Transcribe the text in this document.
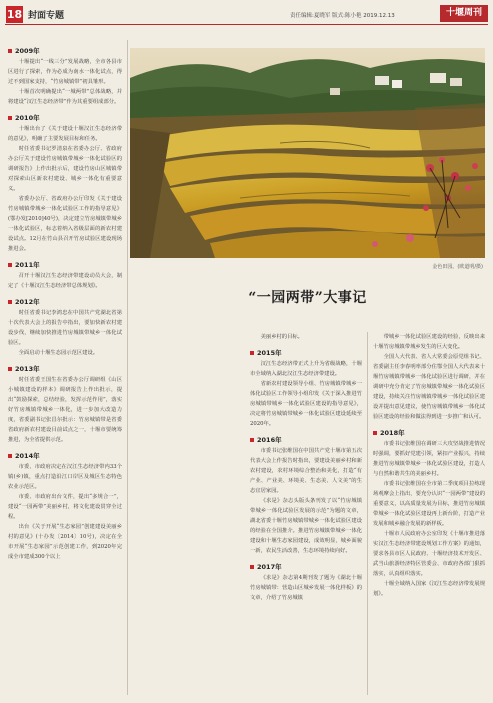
18 封面专题	责任编辑:夏晓军 版式:陈小艳 2019.12.13	十堰周刊
金色田园。(欧道明/摄)
“一园两带”大事记
2009年

十堰提出“一线三分”发展战略，全市各县市区进行了探索，作为必成为南水一体化试点，得过不到国家支持，“竹房城镇带”初具雏形。

十堰首次明确提出“一城两带”总体战略，并将建设“汉江生态经济带”作为其重要组成部分。

2010年

十堰出台了《关于建设十堰汉江生态经济带的意见》，明确了主要发展目标和任务。

时任省委书记罗清泉在省委办公厅、省政府办公厅关于建设竹房城镇带城乡一体化试验区的调研报告》上作出批示后，建设竹房山区城镇带对探索山区新农村建设、城乡一体化有重要意义。

省委办公厅、省政府办公厅印发《关于建设竹房城镇带城乡一体化试验区工作的指导意见》(鄂办发[2010]40号)，决定建立竹房城镇带城乡一体化试验区，标志着纳入省级层面的新农村建设试点。12月在竹山县召开竹房试验区建设现场推进会。

2011年

召开十堰汉江生态经济带建设动员大会，制定了《十堰汉江生态经济带总体规划》。

2012年

时任省委书记李鸿忠在中国共产党湖北省第十次代表大会上的报告中指出，要加快新农村建设步伐，继续加快推进竹房城镇带城乡一体化试验区。

全面启动十堰生态园示范区建设。

2013年

时任省委王国生在省委办公厅调研组《山区小城镇建设的样本》调研报告上作出批示，提出“鼓励探索，总结经验，发挥示范作用”，落实好竹房城镇带城乡一体化，进一步加大改造力度，省委副书记张昌尔批示：竹房城镇带是省委省政府新农村建设目前试点之一，十堰市要统筹推进，为全省提供示范。

2014年

市委、市政府决定在汉江生态经济带内33个镇(乡)镇，重点打造沿江口岸区及城区生态特色农业示范区。

市委、市政府出台文件，提出“多规合一”，建设“一园两带”美丽乡村，将文化建设贯穿全过程。

出台《关于开展“生态家园”创建建设美丽乡村的意见》(十办发〔2014〕10号)，决定在全市开展“生态家园”示范创建工作，到2020年完成全市建成300个以上

美丽乡村的目标。

2015年

汉江生态经济带正式上升为省级战略，十堰市全域纳入湖北汉江生态经济带建设。

省新农村建设领导小组、竹房城镇带城乡一体化试验区工作领导小组印发《关于深入推进竹房城镇带城乡一体化试验区建设的指导意见》，决定将竹房城镇带城乡一体化试验区建设延续至2020年。

2016年

市委书记张维国在中国共产党十堰市第五次代表大会上作报告时指出，要建设美丽乡村和新农村建设，农村环境综合整治和美化，打造“有产业、产业美、环境美、生态美、人文美”的生态宜居家园。

《求是》杂志头版头条刊发了以“竹房城镇带城乡一体化试验区发展的示范”为题的文章，湖北省委十堰竹房城镇带城乡一体化试验区建设的经验在全国推介。推进竹房城镇带城乡一体化建设和十堰生态家园建设，成效明显，城乡面貌一新，农民生活改善，生态环境持续向好。

2017年

《求是》杂志第4期刊发了题为《湖北十堰竹房城镇带：营造山区城乡发展一体化样板》的文章，介绍了竹房城镇

带城乡一体化试验区建设的经验，反映出来十堰竹房城镇带城乡发生的巨大变化。

全国人大代表、省人大常委会原党组书记、省委副主任李春明率部分住鄂全国人大代表来十堰竹房城镇带城乡一体化试验区进行调研，并在调研中充分肯定了竹房城镇带城乡一体化试验区建设，持续关注竹房城镇带城乡一体化试验区建设并提出意见建议，使竹房城镇带城乡一体化试验区建设的经验和做法得到进一步推广和认可。

2018年

市委书记张维国在调研三大攻坚战推进情况时强调，要抓好党建引领，紧扣产业振兴，持续推进竹房城镇带城乡一体化试验区建设，打造人与自然和谐共生的美丽乡村。

市委书记张维国在全市第二季度项目拉练现场观摩会上指出，要充分认识“一园两带”建设的重要意义，以高质量发展为目标，推进竹房城镇带城乡一体化试验区建设再上新台阶，打造产业发展和城乡融合发展的新样板。

十堰市人民政府办公室印发《十堰市推进落实汉江生态经济带建设规划工作方案》的通知，要求各县市区人民政府、十堰经济技术开发区、武当山旅游经济特区管委会、市政府各部门狠抓落实，认真组织落实。

十堰全域纳入国家《汉江生态经济带发展规划》。
